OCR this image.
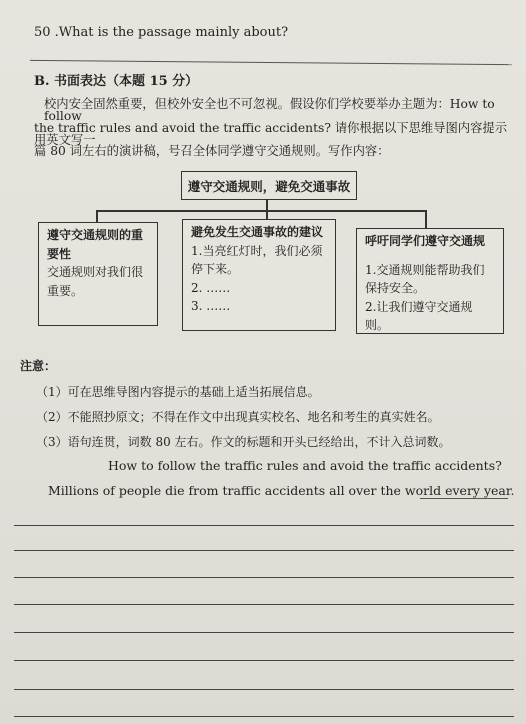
50 .What is the passage mainly about?
B. 书面表达（本题 15 分）
校内安全固然重要，但校外安全也不可忽视。假设你们学校要举办主题为：How to follow
the traffic rules and avoid the traffic accidents? 请你根据以下思维导图内容提示用英文写一
篇 80 词左右的演讲稿，号召全体同学遵守交通规则。写作内容：
遵守交通规则，避免交通事故
遵守交通规则的重要性
交通规则对我们很重要。
避免发生交通事故的建议
1.当亮红灯时，我们必须停下来。
2. ……
3. ……
呼吁同学们遵守交通规
1.交通规则能帮助我们保持安全。
2.让我们遵守交通规则。
注意：
（1）可在思维导图内容提示的基础上适当拓展信息。
（2）不能照抄原文；不得在作文中出现真实校名、地名和考生的真实姓名。
（3）语句连贯，词数 80 左右。作文的标题和开头已经给出，不计入总词数。
How to follow the traffic rules and avoid the traffic accidents?
Millions of people die from traffic accidents all over the world every year.
